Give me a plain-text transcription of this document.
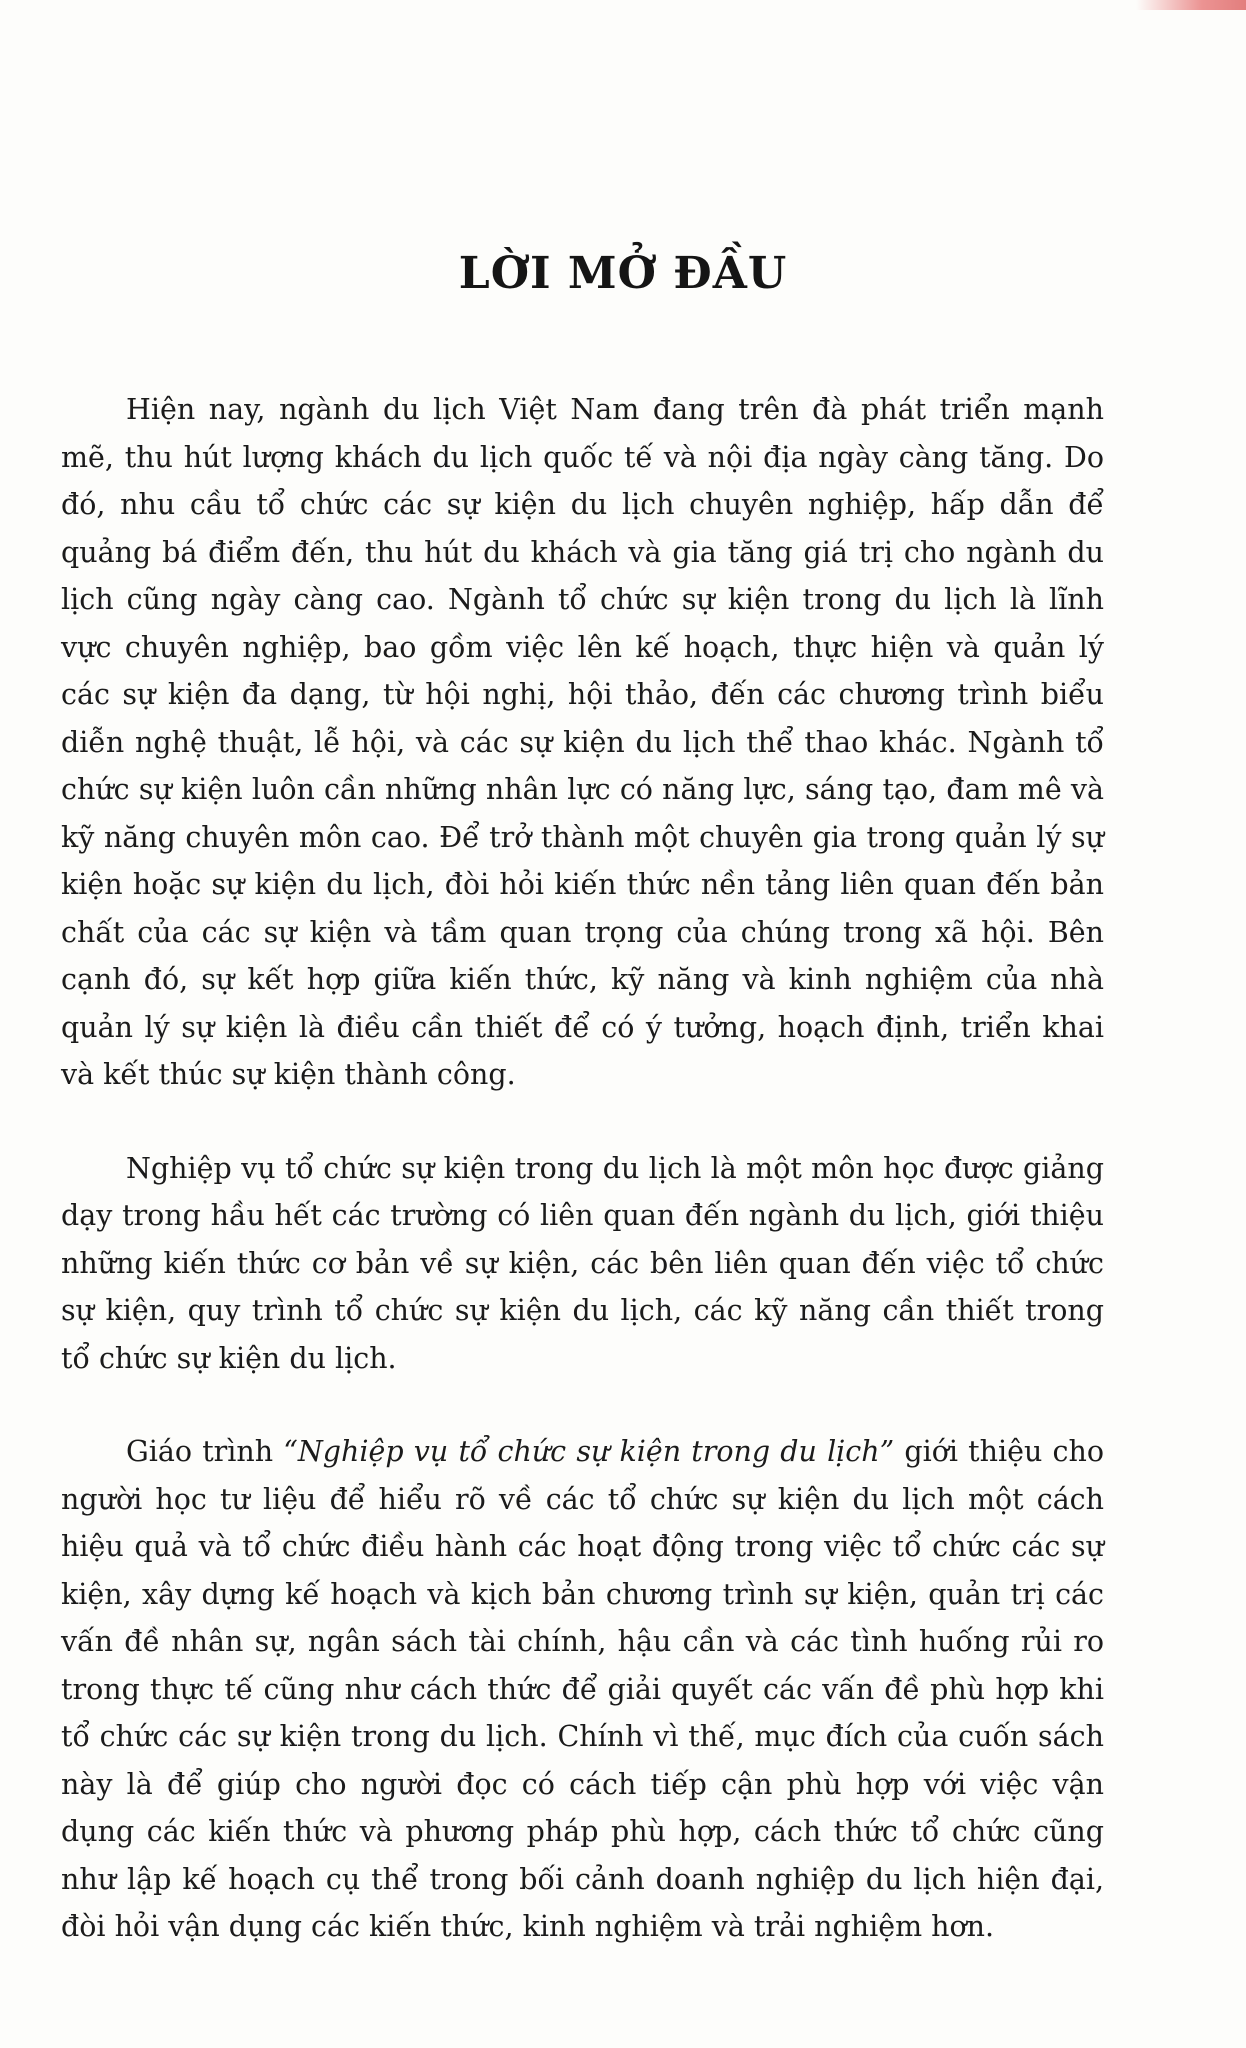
LỜI MỞ ĐẦU

Hiện nay, ngành du lịch Việt Nam đang trên đà phát triển mạnh mẽ, thu hút lượng khách du lịch quốc tế và nội địa ngày càng tăng. Do đó, nhu cầu tổ chức các sự kiện du lịch chuyên nghiệp, hấp dẫn để quảng bá điểm đến, thu hút du khách và gia tăng giá trị cho ngành du lịch cũng ngày càng cao. Ngành tổ chức sự kiện trong du lịch là lĩnh vực chuyên nghiệp, bao gồm việc lên kế hoạch, thực hiện và quản lý các sự kiện đa dạng, từ hội nghị, hội thảo, đến các chương trình biểu diễn nghệ thuật, lễ hội, và các sự kiện du lịch thể thao khác. Ngành tổ chức sự kiện luôn cần những nhân lực có năng lực, sáng tạo, đam mê và kỹ năng chuyên môn cao. Để trở thành một chuyên gia trong quản lý sự kiện hoặc sự kiện du lịch, đòi hỏi kiến thức nền tảng liên quan đến bản chất của các sự kiện và tầm quan trọng của chúng trong xã hội. Bên cạnh đó, sự kết hợp giữa kiến thức, kỹ năng và kinh nghiệm của nhà quản lý sự kiện là điều cần thiết để có ý tưởng, hoạch định, triển khai và kết thúc sự kiện thành công.

Nghiệp vụ tổ chức sự kiện trong du lịch là một môn học được giảng dạy trong hầu hết các trường có liên quan đến ngành du lịch, giới thiệu những kiến thức cơ bản về sự kiện, các bên liên quan đến việc tổ chức sự kiện, quy trình tổ chức sự kiện du lịch, các kỹ năng cần thiết trong tổ chức sự kiện du lịch.

Giáo trình “Nghiệp vụ tổ chức sự kiện trong du lịch” giới thiệu cho người học tư liệu để hiểu rõ về các tổ chức sự kiện du lịch một cách hiệu quả và tổ chức điều hành các hoạt động trong việc tổ chức các sự kiện, xây dựng kế hoạch và kịch bản chương trình sự kiện, quản trị các vấn đề nhân sự, ngân sách tài chính, hậu cần và các tình huống rủi ro trong thực tế cũng như cách thức để giải quyết các vấn đề phù hợp khi tổ chức các sự kiện trong du lịch. Chính vì thế, mục đích của cuốn sách này là để giúp cho người đọc có cách tiếp cận phù hợp với việc vận dụng các kiến thức và phương pháp phù hợp, cách thức tổ chức cũng như lập kế hoạch cụ thể trong bối cảnh doanh nghiệp du lịch hiện đại, đòi hỏi vận dụng các kiến thức, kinh nghiệm và trải nghiệm hơn.
